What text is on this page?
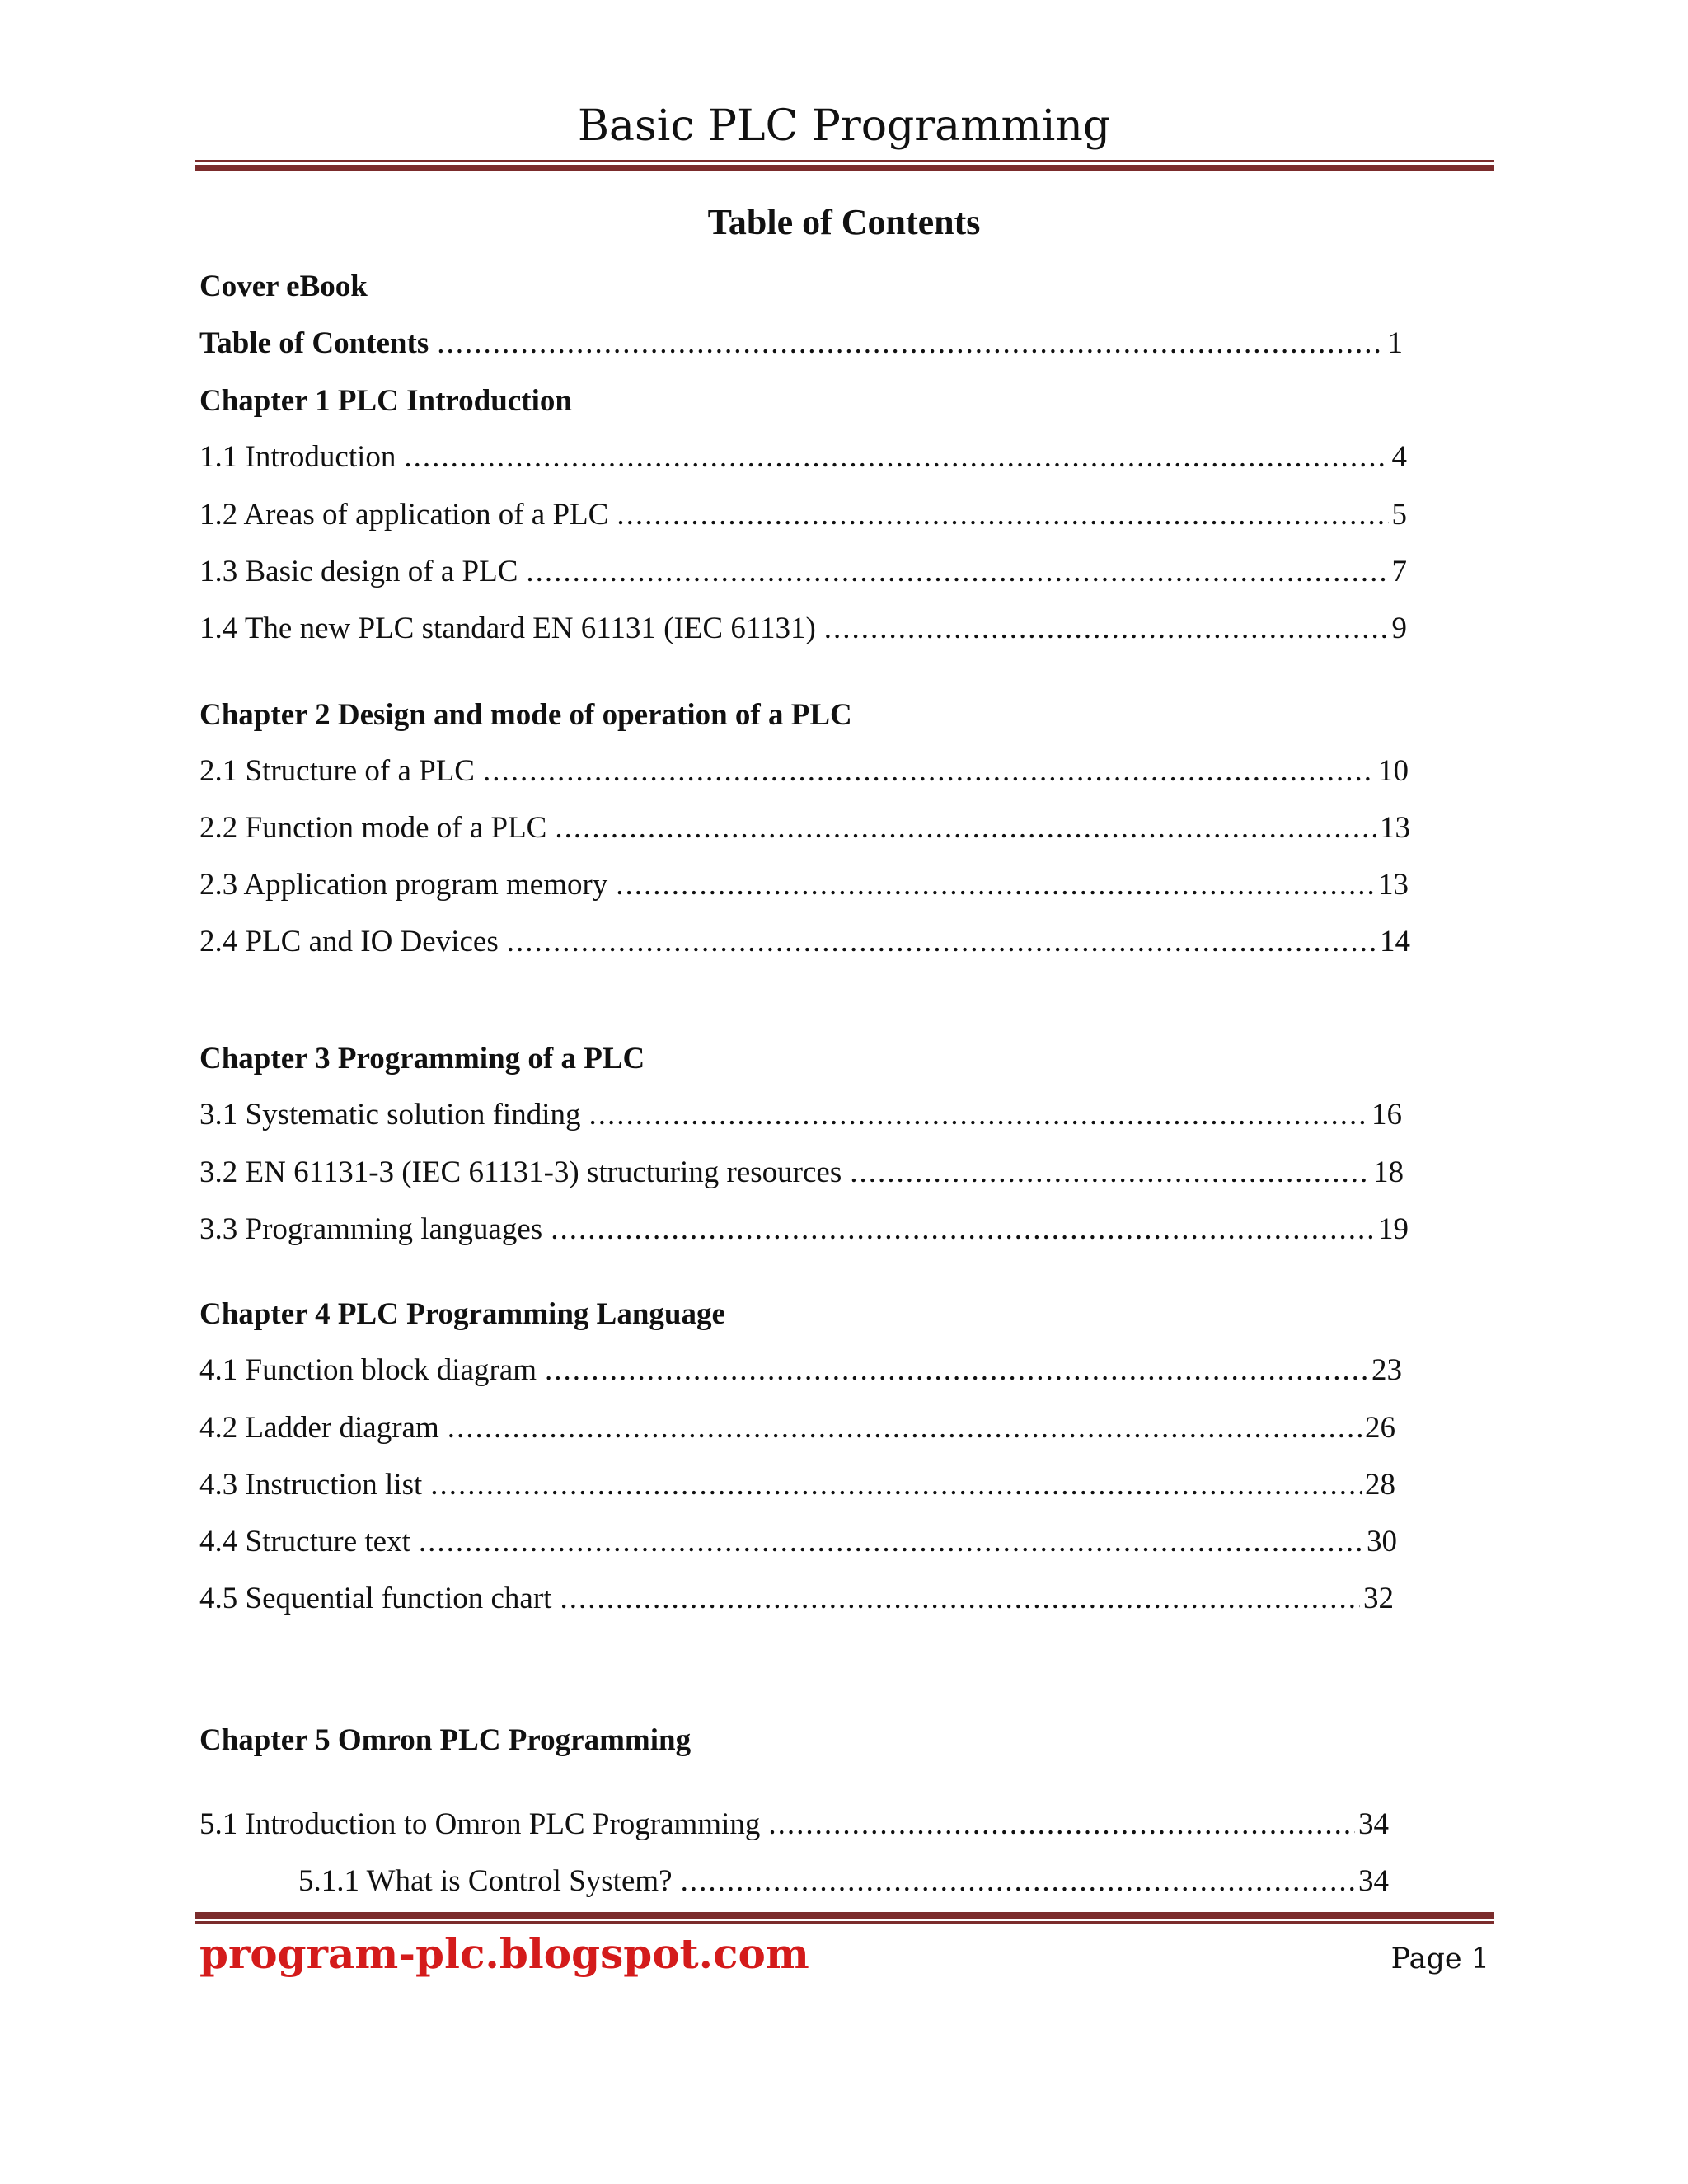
Basic PLC Programming
Table of Contents
Cover eBook
Table of Contents .....	1
Chapter 1 PLC Introduction
1.1 Introduction .....	4
1.2 Areas of application of a PLC .....	5
1.3 Basic design of a PLC .....	7
1.4 The new PLC standard EN 61131 (IEC 61131) .....	9
Chapter 2 Design and mode of operation of a PLC
2.1 Structure of a PLC .....	10
2.2 Function mode of a PLC .....	13
2.3 Application program memory .....	13
2.4 PLC and IO Devices .....	14
Chapter 3 Programming of a PLC
3.1 Systematic solution finding .....	16
3.2 EN 61131-3 (IEC 61131-3) structuring resources .....	18
3.3 Programming languages .....	19
Chapter 4 PLC Programming Language
4.1 Function block diagram .....	23
4.2 Ladder diagram .....	26
4.3 Instruction list .....	28
4.4 Structure text .....	30
4.5 Sequential function chart .....	32
Chapter 5 Omron PLC Programming
5.1 Introduction to Omron PLC Programming .....	34
5.1.1 What is Control System? .....	34
program-plc.blogspot.com	Page 1
